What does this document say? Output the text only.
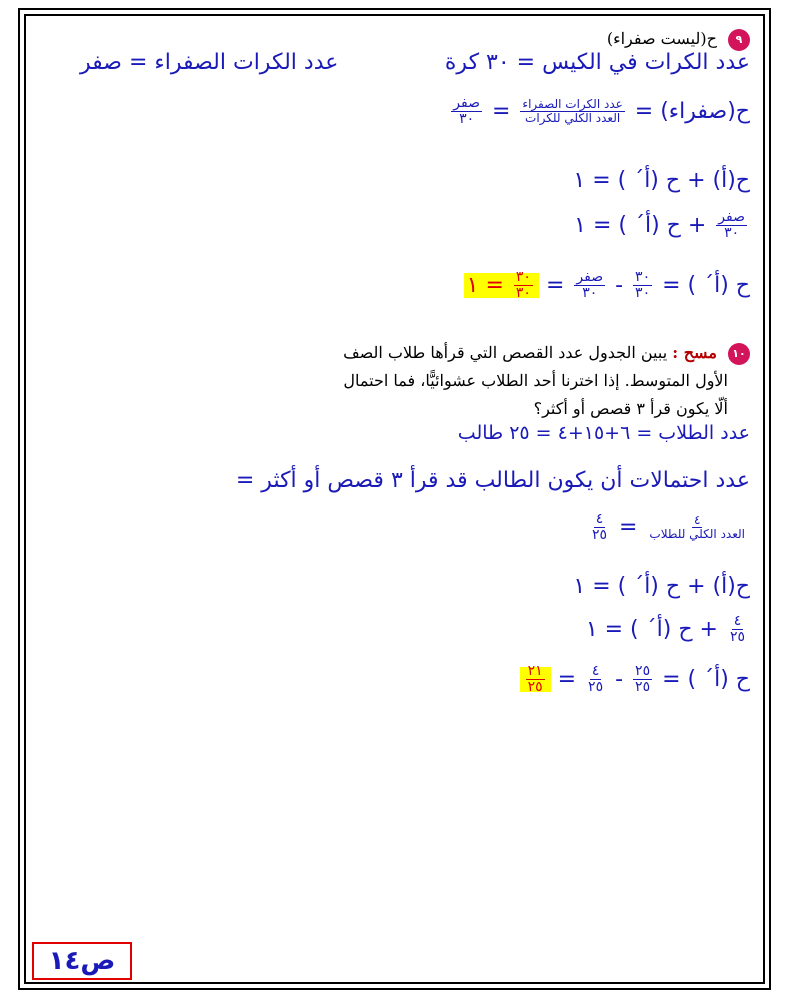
٩ ح(ليست صفراء)
عدد الكرات في الكيس = ٣٠ كرة
عدد الكرات الصفراء = صفر
ح(صفراء) =
$\frac{\text{عدد الكرات الصفراء}}{\text{العدد الكلي للكرات}}$
=
$\frac{\text{صفر}}{٣٠}$
ح(أ) + ح (أ´ ) = ١
$\frac{\text{صفر}}{٣٠}$
+ ح (أ´ ) = ١
ح (أ´ ) =
$\frac{٣٠}{٣٠}$
-
$\frac{\text{صفر}}{٣٠}$
=
$\frac{٣٠}{٣٠}$
= ١
١٠ مسح : يبين الجدول عدد القصص التي قرأها طلاب الصف
الأول المتوسط. إذا اخترنا أحد الطلاب عشوائيًّا، فما احتمال
ألّا يكون قرأ ٣ قصص أو أكثر؟
عدد الطلاب = ٦+١٥+٤ = ٢٥ طالب
عدد احتمالات أن يكون الطالب قد قرأ ٣ قصص أو أكثر =
$\frac{٤}{\text{العدد الكلي للطلاب}}$
=
$\frac{٤}{٢٥}$
ح(أ) + ح (أ´ ) = ١
$\frac{٤}{٢٥}$
+ ح (أ´ ) = ١
ح (أ´ ) =
$\frac{٢٥}{٢٥}$
-
$\frac{٤}{٢٥}$
=
$\frac{٢١}{٢٥}$
ص١٤
